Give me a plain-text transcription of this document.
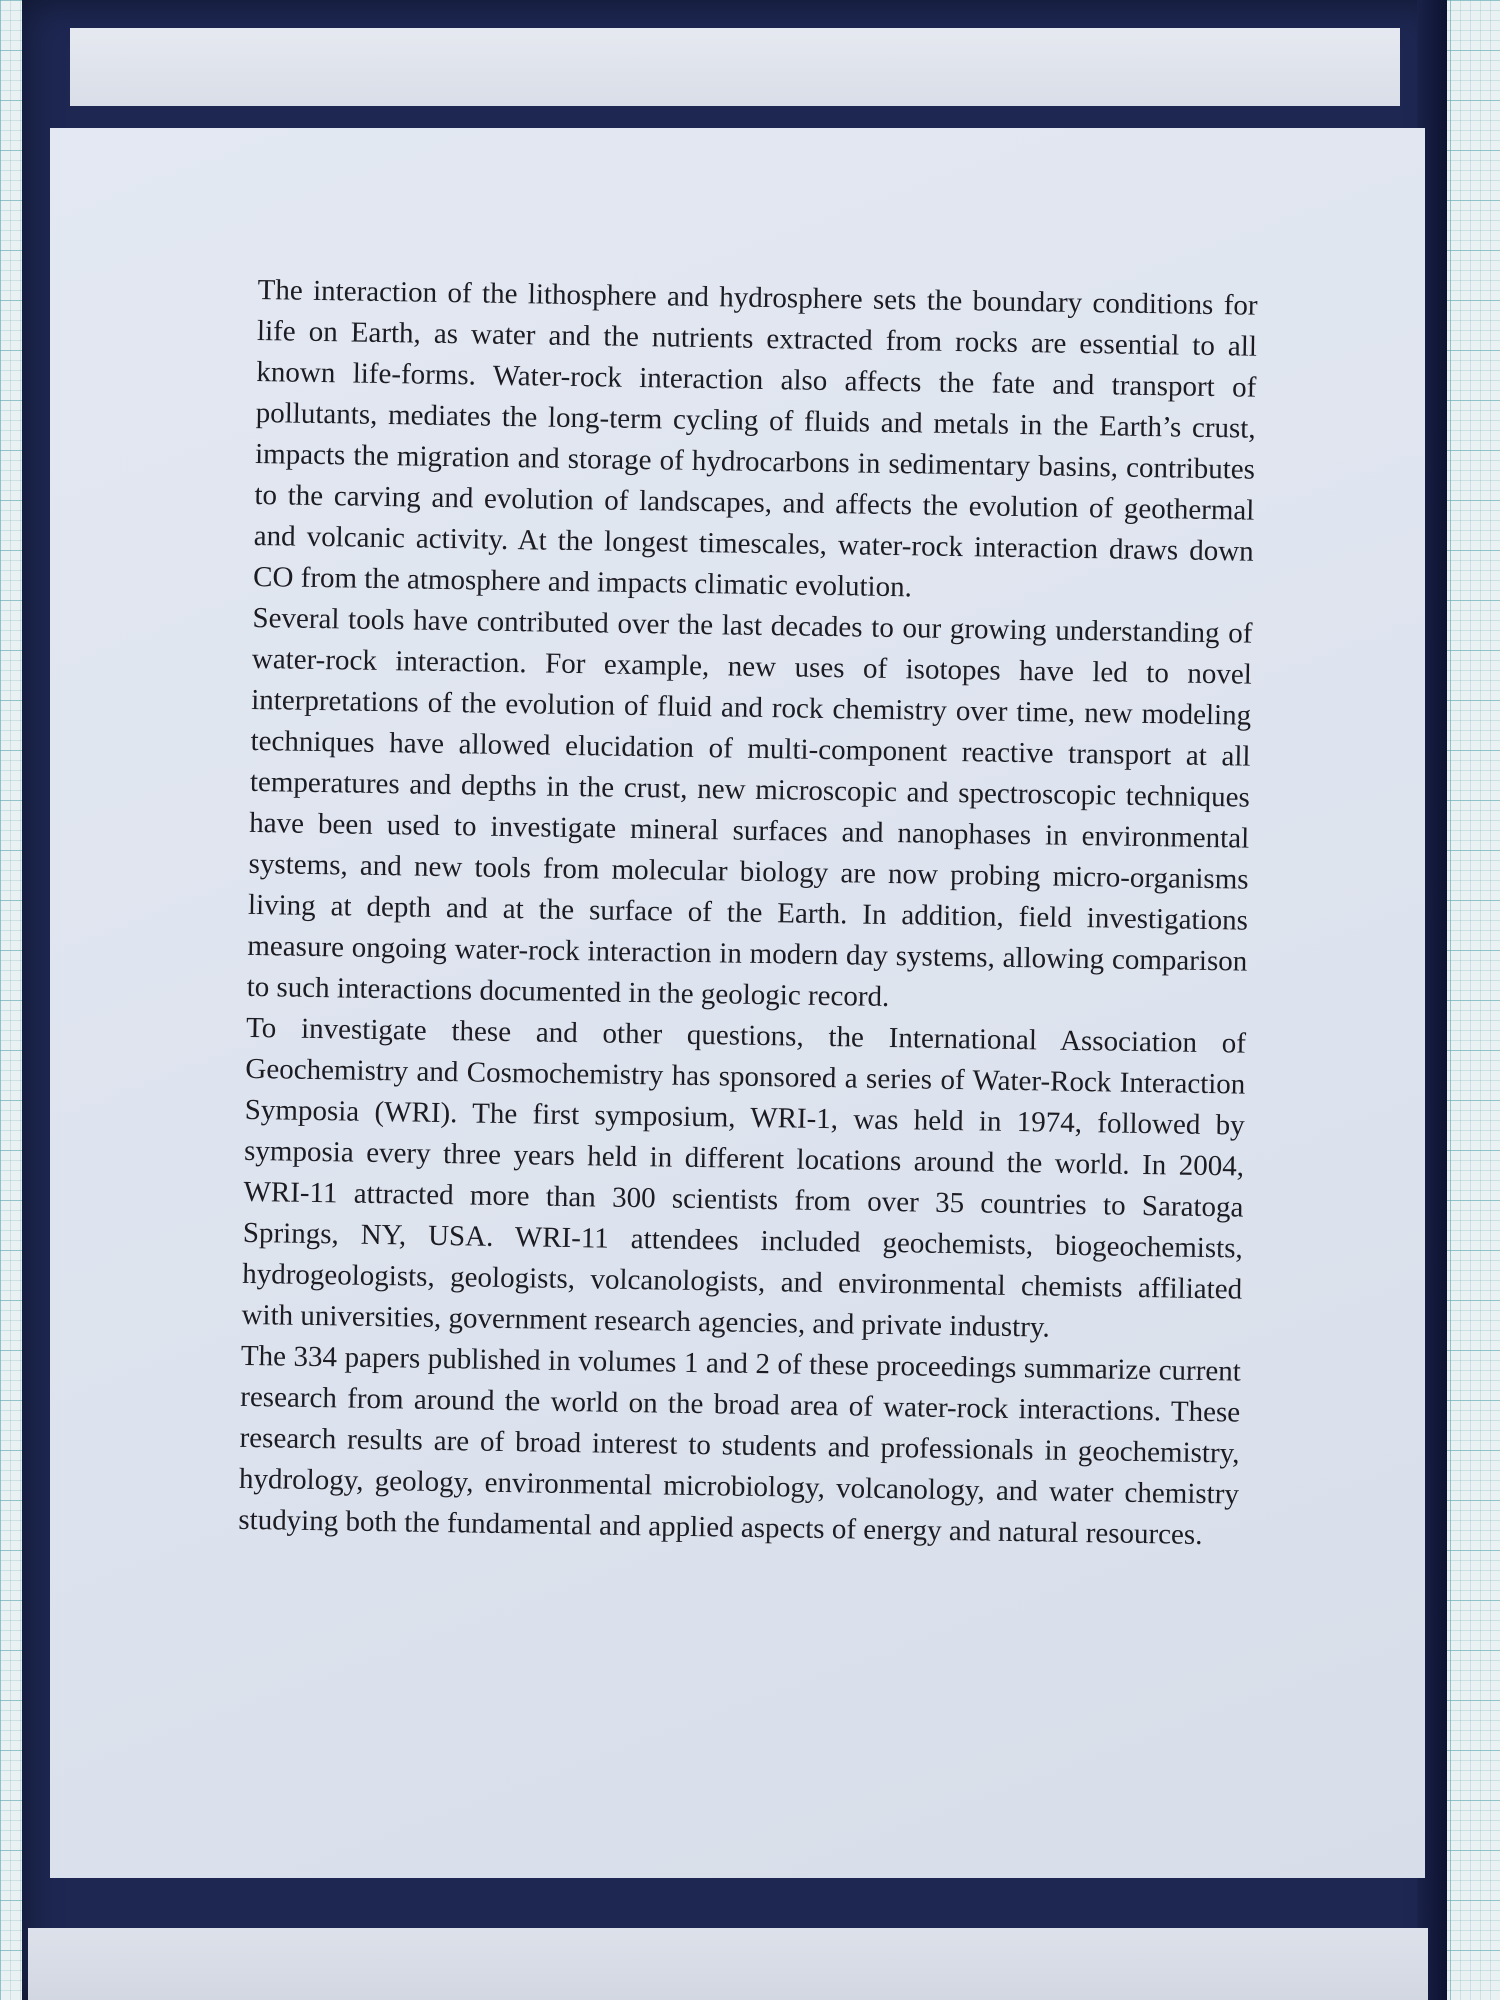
The interaction of the lithosphere and hydrosphere sets the boundary conditions for life on Earth, as water and the nutrients extracted from rocks are essential to all known life-forms. Water-rock interaction also affects the fate and transport of pollutants, mediates the long-term cycling of fluids and metals in the Earth’s crust, impacts the migration and storage of hydrocarbons in sedimentary basins, contributes to the carving and evolution of landscapes, and affects the evolution of geothermal and volcanic activity. At the longest timescales, water-rock interaction draws down CO from the atmosphere and impacts climatic evolution.

Several tools have contributed over the last decades to our growing understanding of water-rock interaction. For example, new uses of isotopes have led to novel interpretations of the evolution of fluid and rock chemistry over time, new modeling techniques have allowed elucidation of multi-component reactive transport at all temperatures and depths in the crust, new microscopic and spectroscopic techniques have been used to investigate mineral surfaces and nanophases in environmental systems, and new tools from molecular biology are now probing micro-organisms living at depth and at the surface of the Earth. In addition, field investigations measure ongoing water-rock interaction in modern day systems, allowing comparison to such interactions documented in the geologic record.

To investigate these and other questions, the International Association of Geochemistry and Cosmochemistry has sponsored a series of Water-Rock Interaction Symposia (WRI). The first symposium, WRI-1, was held in 1974, followed by symposia every three years held in different locations around the world. In 2004, WRI-11 attracted more than 300 scientists from over 35 countries to Saratoga Springs, NY, USA. WRI-11 attendees included geochemists, biogeochemists, hydrogeologists, geologists, volcanologists, and environmental chemists affiliated with universities, government research agencies, and private industry.

The 334 papers published in volumes 1 and 2 of these proceedings summarize current research from around the world on the broad area of water-rock interactions. These research results are of broad interest to students and professionals in geochemistry, hydrology, geology, environmental microbiology, volcanology, and water chemistry studying both the fundamental and applied aspects of energy and natural resources.
